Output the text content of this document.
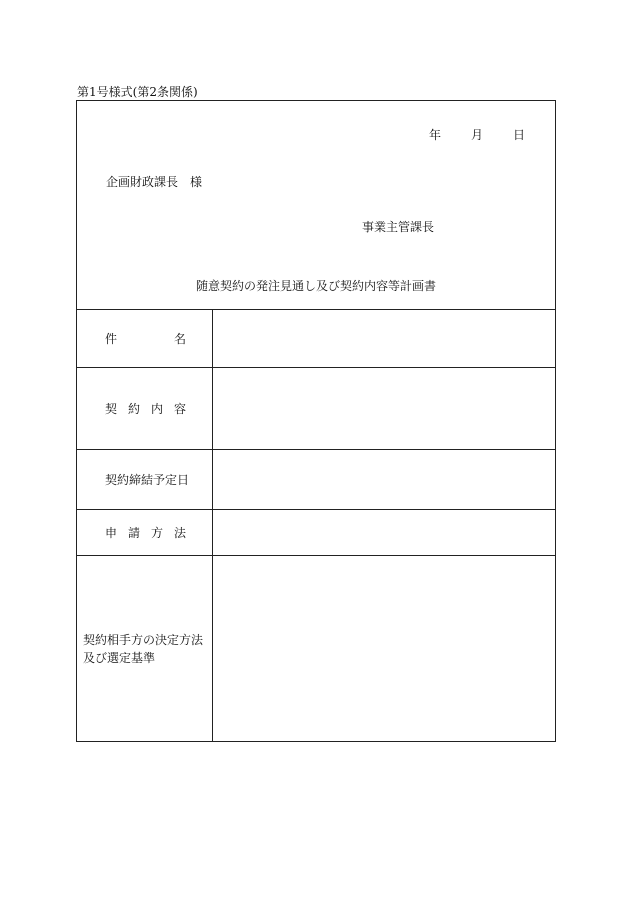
第1号様式(第2条関係)
年	月	日
企画財政課長　様
事業主管課長
随意契約の発注見通し及び契約内容等計画書
件	名
契 約 内 容
契約締結予定日
申 請 方 法
契約相手方の決定方法
及び選定基準
